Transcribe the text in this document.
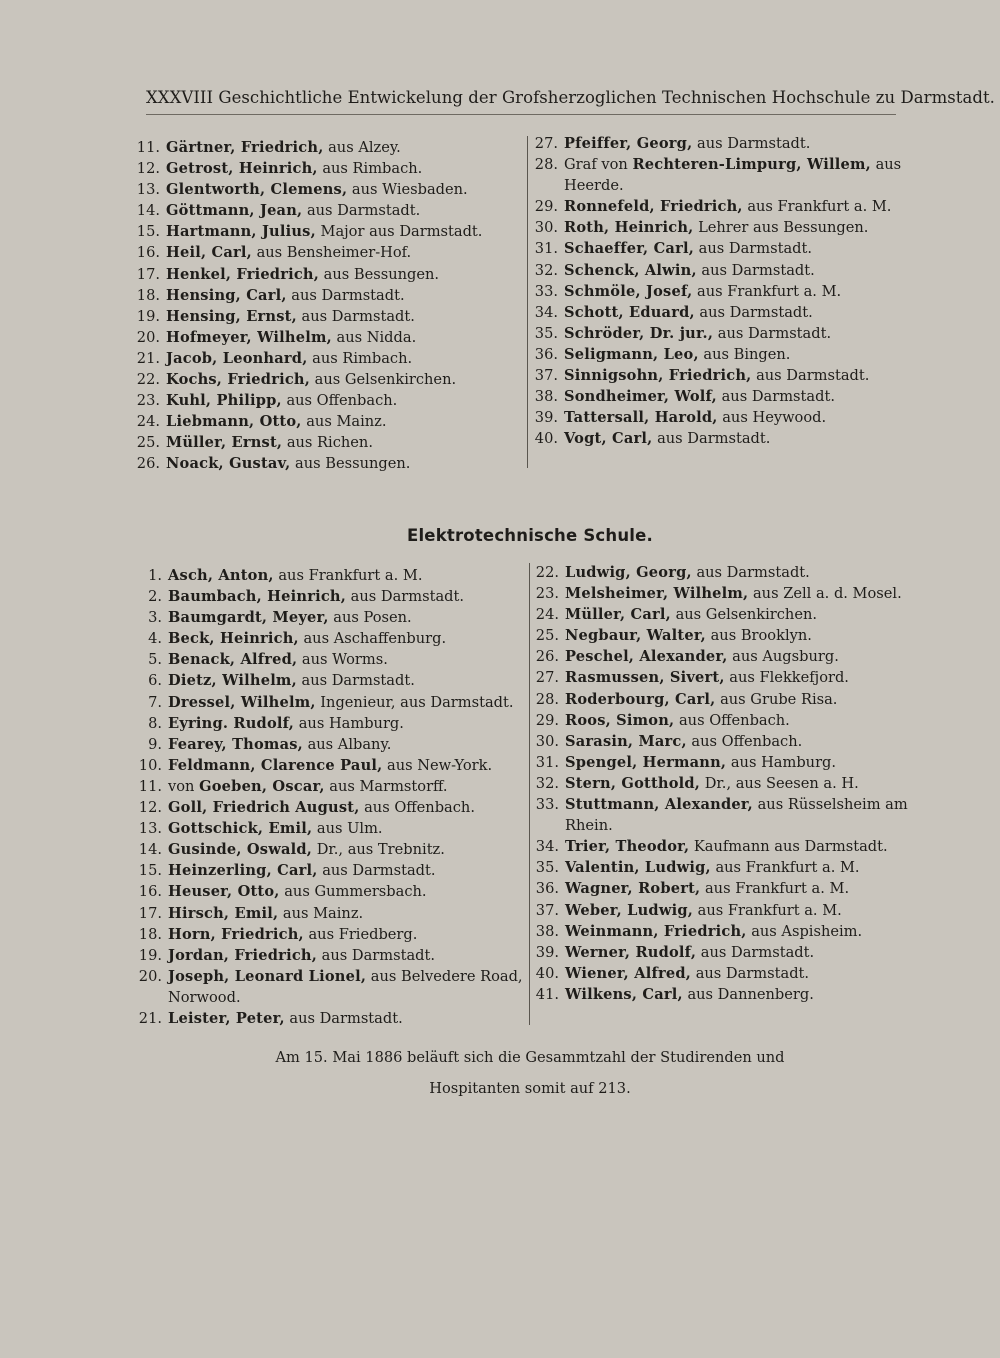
XXXVIII Geschichtliche Entwickelung der Grofsherzoglichen Technischen Hochschule zu Darmstadt.
11. Gärtner, Friedrich, aus Alzey.
12. Getrost, Heinrich, aus Rimbach.
13. Glentworth, Clemens, aus Wiesbaden.
14. Göttmann, Jean, aus Darmstadt.
15. Hartmann, Julius, Major aus Darmstadt.
16. Heil, Carl, aus Bensheimer-Hof.
17. Henkel, Friedrich, aus Bessungen.
18. Hensing, Carl, aus Darmstadt.
19. Hensing, Ernst, aus Darmstadt.
20. Hofmeyer, Wilhelm, aus Nidda.
21. Jacob, Leonhard, aus Rimbach.
22. Kochs, Friedrich, aus Gelsenkirchen.
23. Kuhl, Philipp, aus Offenbach.
24. Liebmann, Otto, aus Mainz.
25. Müller, Ernst, aus Richen.
26. Noack, Gustav, aus Bessungen.
27. Pfeiffer, Georg, aus Darmstadt.
28. Graf von Rechteren-Limpurg, Willem, aus
Heerde.
29. Ronnefeld, Friedrich, aus Frankfurt a. M.
30. Roth, Heinrich, Lehrer aus Bessungen.
31. Schaeffer, Carl, aus Darmstadt.
32. Schenck, Alwin, aus Darmstadt.
33. Schmöle, Josef, aus Frankfurt a. M.
34. Schott, Eduard, aus Darmstadt.
35. Schröder, Dr. jur., aus Darmstadt.
36. Seligmann, Leo, aus Bingen.
37. Sinnigsohn, Friedrich, aus Darmstadt.
38. Sondheimer, Wolf, aus Darmstadt.
39. Tattersall, Harold, aus Heywood.
40. Vogt, Carl, aus Darmstadt.
Elektrotechnische Schule.
1. Asch, Anton, aus Frankfurt a. M.
2. Baumbach, Heinrich, aus Darmstadt.
3. Baumgardt, Meyer, aus Posen.
4. Beck, Heinrich, aus Aschaffenburg.
5. Benack, Alfred, aus Worms.
6. Dietz, Wilhelm, aus Darmstadt.
7. Dressel, Wilhelm, Ingenieur, aus Darmstadt.
8. Eyring. Rudolf, aus Hamburg.
9. Fearey, Thomas, aus Albany.
10. Feldmann, Clarence Paul, aus New-York.
11. von Goeben, Oscar, aus Marmstorff.
12. Goll, Friedrich August, aus Offenbach.
13. Gottschick, Emil, aus Ulm.
14. Gusinde, Oswald, Dr., aus Trebnitz.
15. Heinzerling, Carl, aus Darmstadt.
16. Heuser, Otto, aus Gummersbach.
17. Hirsch, Emil, aus Mainz.
18. Horn, Friedrich, aus Friedberg.
19. Jordan, Friedrich, aus Darmstadt.
20. Joseph, Leonard Lionel, aus Belvedere Road,
Norwood.
21. Leister, Peter, aus Darmstadt.
22. Ludwig, Georg, aus Darmstadt.
23. Melsheimer, Wilhelm, aus Zell a. d. Mosel.
24. Müller, Carl, aus Gelsenkirchen.
25. Negbaur, Walter, aus Brooklyn.
26. Peschel, Alexander, aus Augsburg.
27. Rasmussen, Sivert, aus Flekkefjord.
28. Roderbourg, Carl, aus Grube Risa.
29. Roos, Simon, aus Offenbach.
30. Sarasin, Marc, aus Offenbach.
31. Spengel, Hermann, aus Hamburg.
32. Stern, Gotthold, Dr., aus Seesen a. H.
33. Stuttmann, Alexander, aus Rüsselsheim am
Rhein.
34. Trier, Theodor, Kaufmann aus Darmstadt.
35. Valentin, Ludwig, aus Frankfurt a. M.
36. Wagner, Robert, aus Frankfurt a. M.
37. Weber, Ludwig, aus Frankfurt a. M.
38. Weinmann, Friedrich, aus Aspisheim.
39. Werner, Rudolf, aus Darmstadt.
40. Wiener, Alfred, aus Darmstadt.
41. Wilkens, Carl, aus Dannenberg.
Am 15. Mai 1886 beläuft sich die Gesammtzahl der Studirenden und
Hospitanten somit auf 213.
